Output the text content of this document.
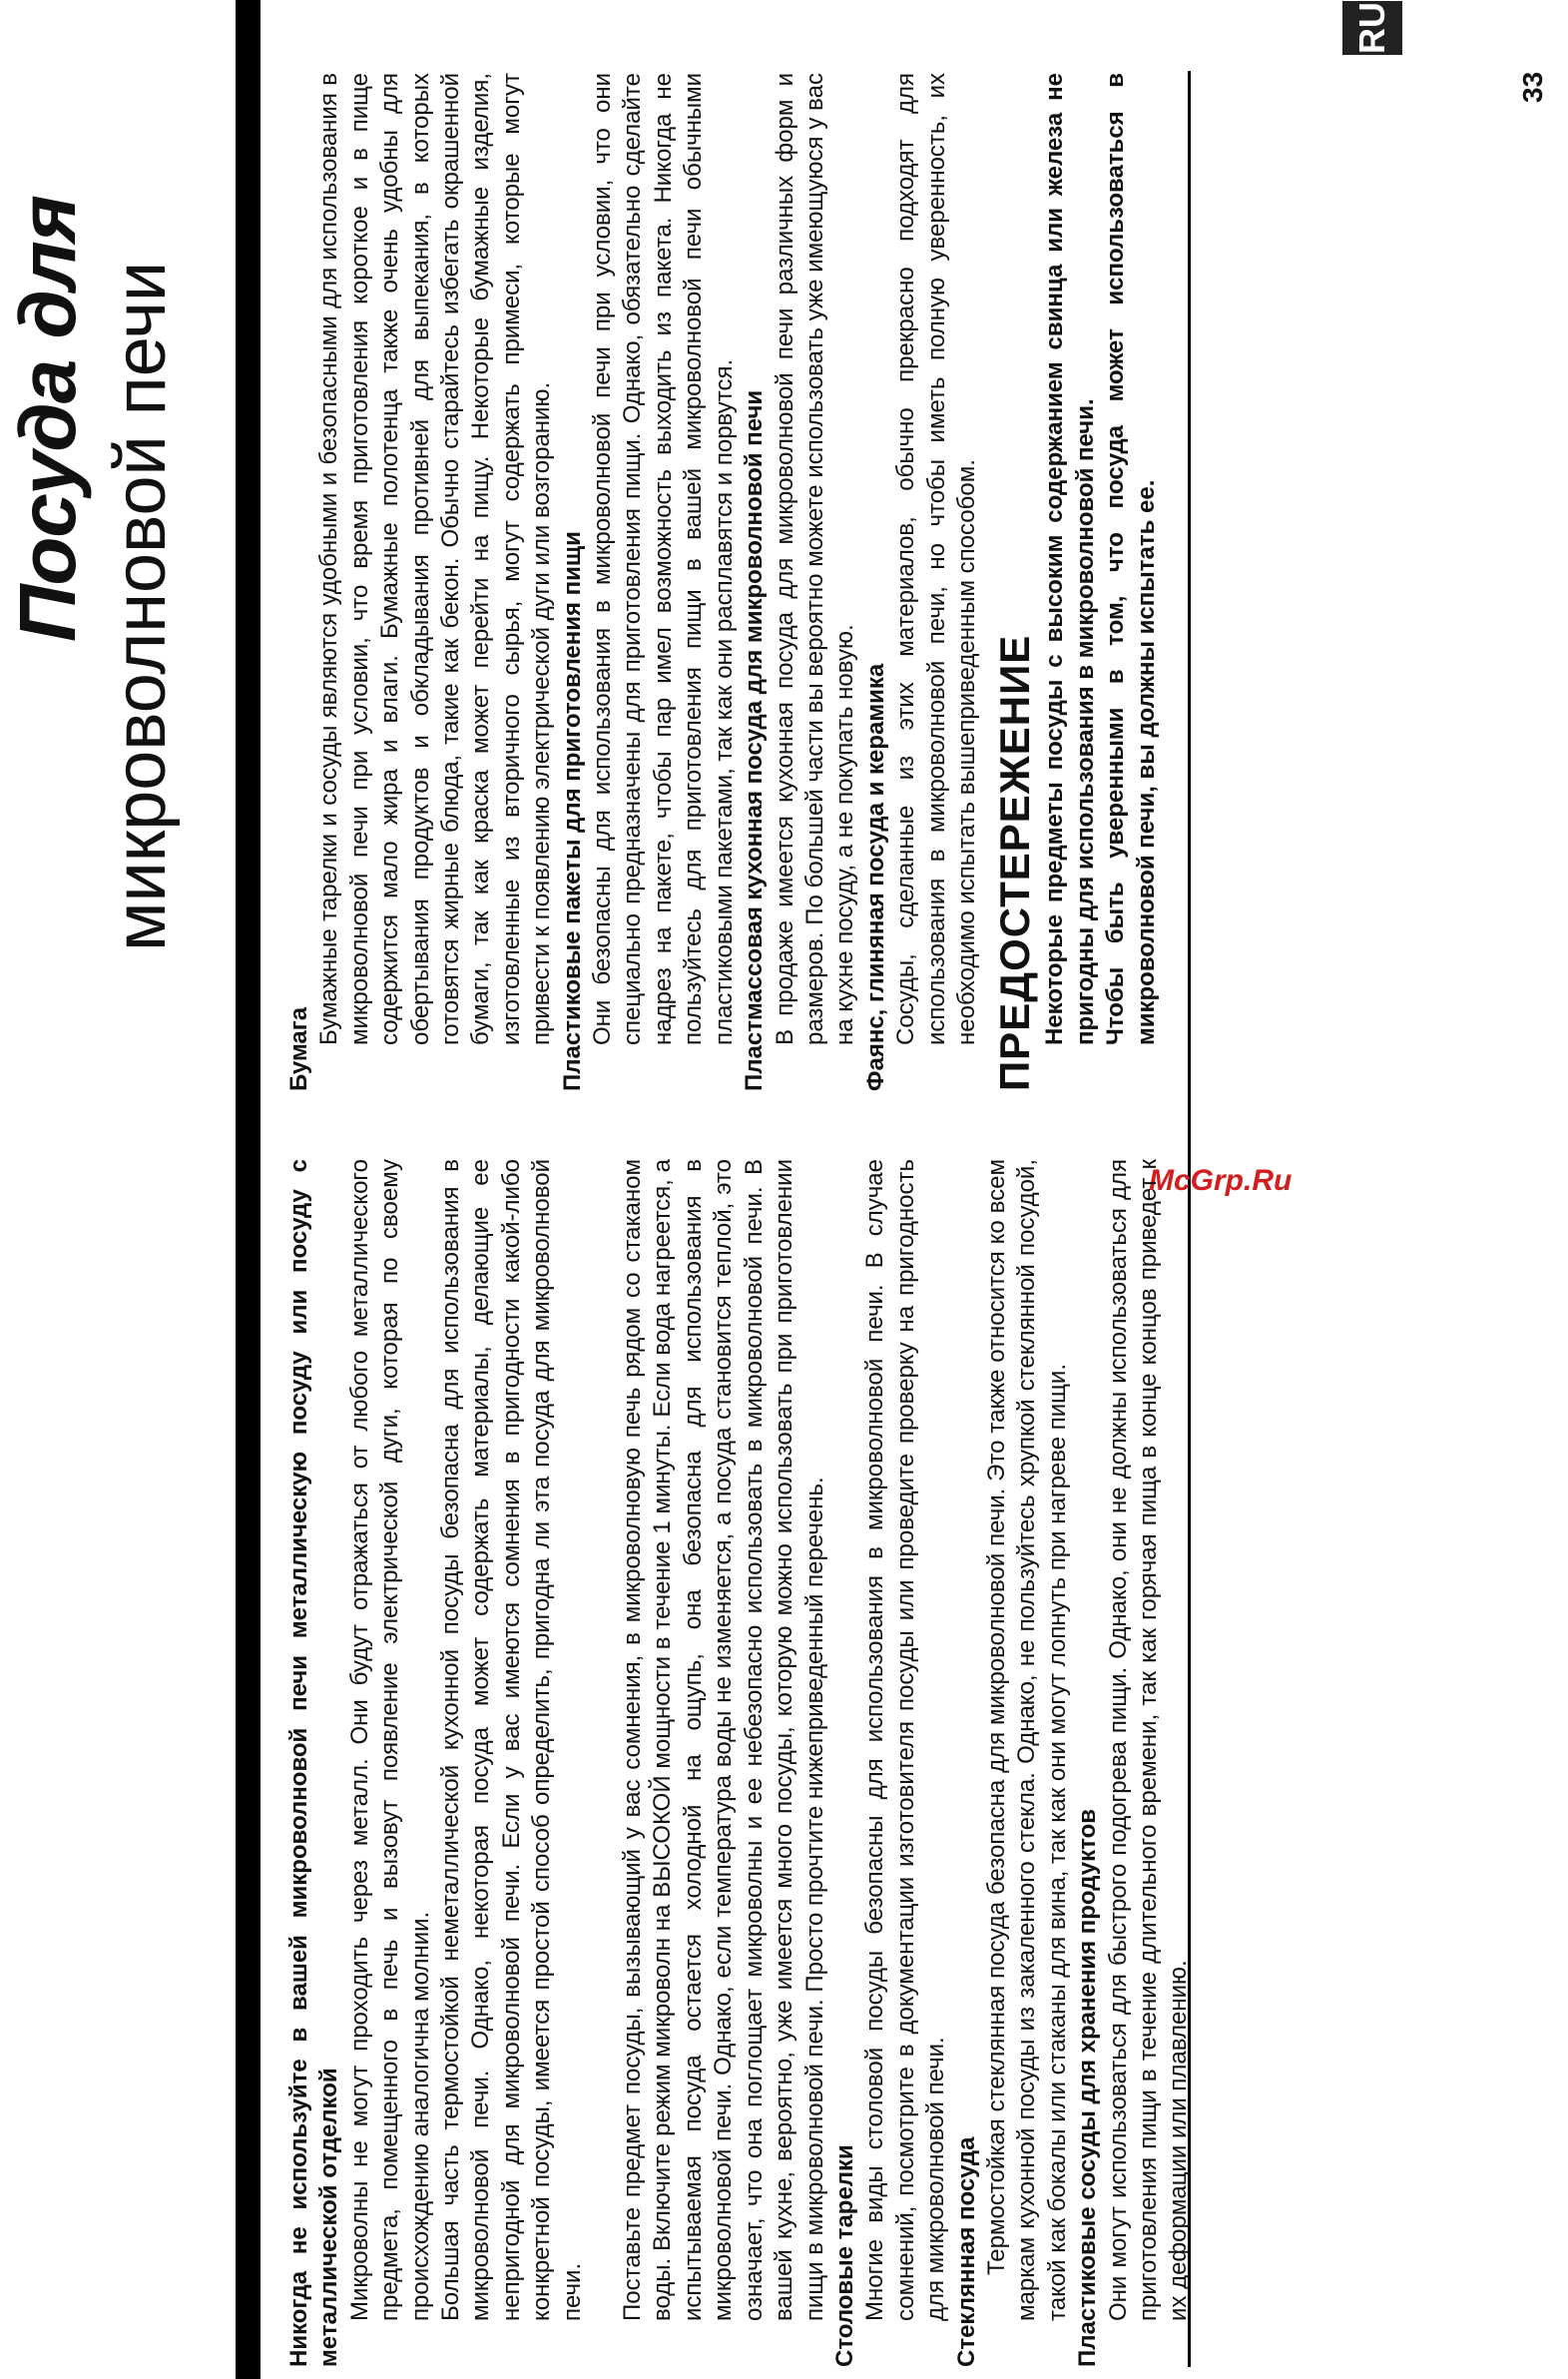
Посуда для микроволновой печи
RU
McGrp.Ru

Никогда не используйте в вашей микроволновой печи металлическую посуду или посуду с металлической отделкой Микроволны не могут проходить через металл. Они будут отражаться от любого металлического предмета, помещенного в печь и вызовут появление электрической дуги, которая по своему происхождению аналогична молнии. Большая часть термостойкой неметаллической кухонной посуды безопасна для использования в микроволновой печи. Однако, некоторая посуда может содержать материалы, делающие ее непригодной для микроволновой печи. Если у вас имеются сомнения в пригодности какой-либо конкретной посуды, имеется простой способ определить, пригодна ли эта посуда для микроволновой печи. Поставьте предмет посуды, вызывающий у вас сомнения, в микроволновую печь рядом со стаканом воды. Включите режим микроволн на ВЫСОКОЙ мощности в течение 1 минуты. Если вода нагреется, а испытываемая посуда остается холодной на ощупь, она безопасна для использования в микроволновой печи. Однако, если температура воды не изменяется, а посуда становится теплой, это означает, что она поглощает микроволны и ее небезопасно использовать в микроволновой печи. В вашей кухне, вероятно, уже имеется много посуды, которую можно использовать при приготовлении пищи в микроволновой печи. Просто прочтите нижеприведенный перечень. Столовые тарелки Многие виды столовой посуды безопасны для использования в микроволновой печи. В случае сомнений, посмотрите в документации изготовителя посуды или проведите проверку на пригодность для микроволновой печи. Стеклянная посуда Термостойкая стеклянная посуда безопасна для микроволновой печи. Это также относится ко всем маркам кухонной посуды из закаленного стекла. Однако, не пользуйтесь хрупкой стеклянной посудой, такой как бокалы или стаканы для вина, так как они могут лопнуть при нагреве пищи. Пластиковые сосуды для хранения продуктов Они могут использоваться для быстрого подогрева пищи. Однако, они не должны использоваться для приготовления пищи в течение длительного времени, так как горячая пища в конце концов приведет к их деформации или плавлению.

Бумага

Бумажные тарелки и сосуды являются удобными и безопасными для использования в микроволновой печи при условии, что время приготовления короткое и в пище содержится мало жира и влаги. Бумажные полотенца также очень удобны для обертывания продуктов и обкладывания противней для выпекания, в которых готовятся жирные блюда, такие как бекон. Обычно старайтесь избегать окрашенной бумаги, так как краска может перейти на пищу. Некоторые бумажные изделия, изготовленные из вторичного сырья, могут содержать примеси, которые могут привести к появлению электрической дуги или возгоранию. Пластиковые пакеты для приготовления пищи Они безопасны для использования в микроволновой печи при условии, что они специально предназначены для приготовления пищи. Однако, обязательно сделайте надрез на пакете, чтобы пар имел возможность выходить из пакета. Никогда не пользуйтесь для приготовления пищи в вашей микроволновой печи обычными пластиковыми пакетами, так как они расплавятся и порвутся. Пластмассовая кухонная посуда для микроволновой печи В продаже имеется кухонная посуда для микроволновой печи различных форм и размеров. По большей части вы вероятно можете использовать уже имеющуюся у вас на кухне посуду, а не покупать новую. Фаянс, глиняная посуда и керамика Сосуды, сделанные из этих материалов, обычно прекрасно подходят для использования в микроволновой печи, но чтобы иметь полную уверенность, их необходимо испытать вышеприведенным способом. ПРЕДОСТЕРЕЖЕНИЕ Некоторые предметы посуды с высоким содержанием свинца или железа не пригодны для использования в микроволновой печи. Чтобы быть уверенными в том, что посуда может использоваться в микроволновой печи, вы должны испытать ее.

33
